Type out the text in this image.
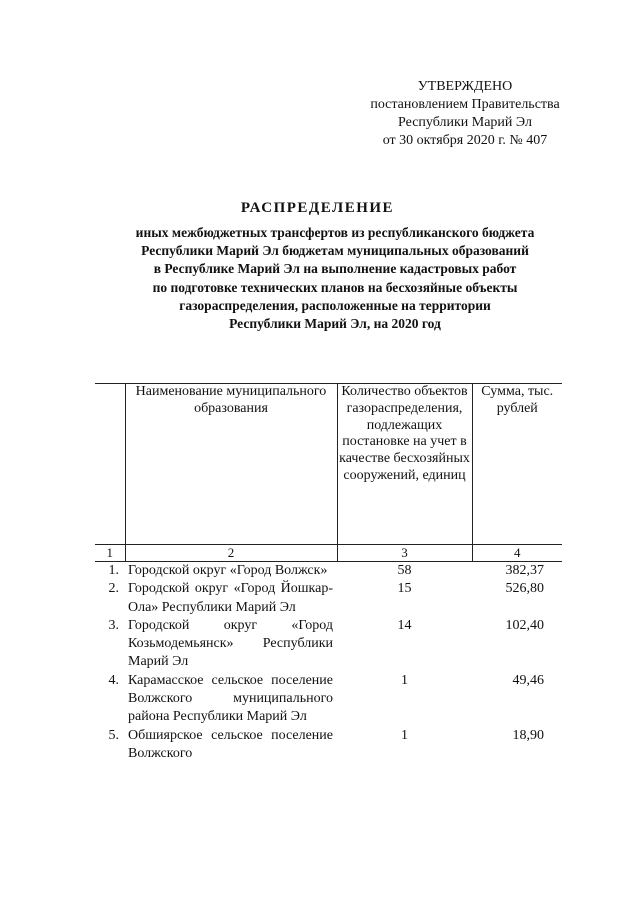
УТВЕРЖДЕНО
постановлением Правительства
Республики Марий Эл
от 30 октября 2020 г. № 407
РАСПРЕДЕЛЕНИЕ
иных межбюджетных трансфертов из республиканского бюджета
Республики Марий Эл бюджетам муниципальных образований
в Республике Марий Эл на выполнение кадастровых работ
по подготовке технических планов на бесхозяйные объекты
газораспределения, расположенные на территории
Республики Марий Эл, на 2020 год
	Наименование муниципального образования	Количество объектов газораспределения, подлежащих постановке на учет в качестве бесхозяйных сооружений, единиц	Сумма, тыс. рублей
1	2	3	4
1.	Городской округ «Город Волжск»	58	382,37
2.	Городской округ «Город Йошкар-Ола» Республики Марий Эл	15	526,80
3.	Городской округ «Город Козьмодемьянск» Республики Марий Эл	14	102,40
4.	Карамасское сельское поселение Волжского муниципального района Республики Марий Эл	1	49,46
5.	Обшиярское сельское поселение Волжского	1	18,90
